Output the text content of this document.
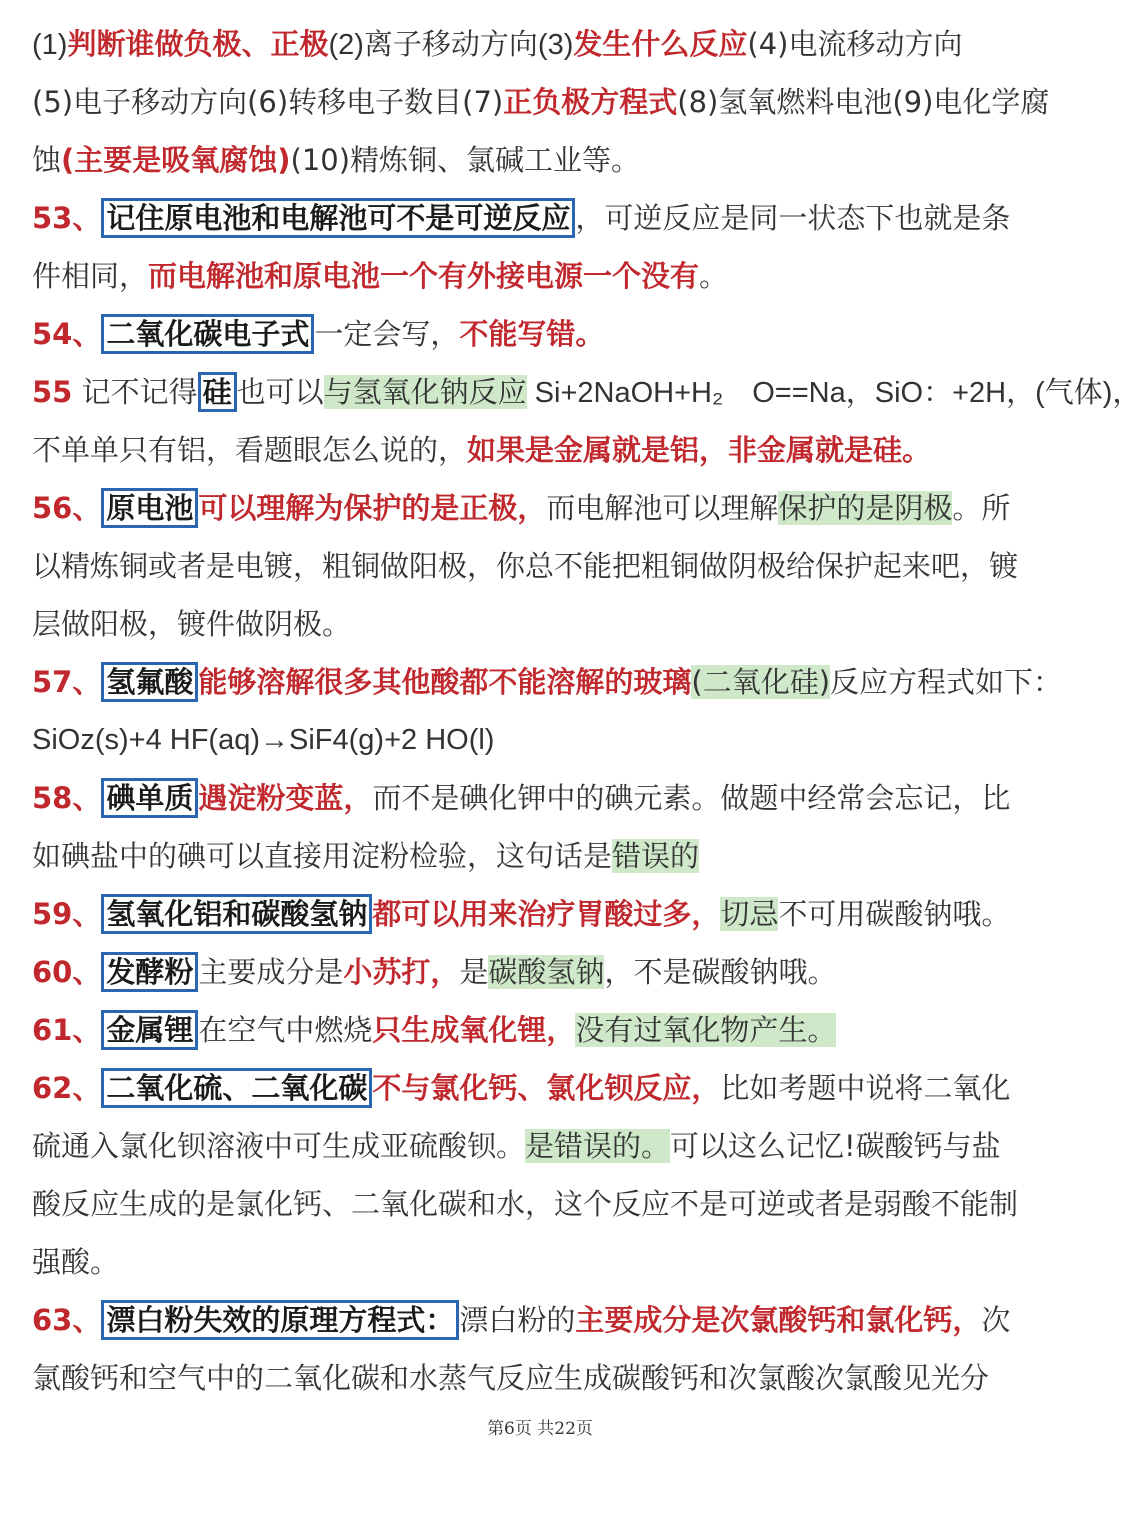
(1)判断谁做负极、正极(2)离子移动方向(3)发生什么反应(4)电流移动方向
(5)电子移动方向(6)转移电子数目(7)正负极方程式(8)氢氧燃料电池(9)电化学腐
蚀(主要是吸氧腐蚀)(10)精炼铜、氯碱工业等。
53、 记住原电池和电解池可不是可逆反应 ，可逆反应是同一状态下也就是条
件相同，而电解池和原电池一个有外接电源一个没有。
54、 二氧化碳电子式 一定会写，不能写错。
55 记不记得 硅 也可以与氢氧化钠反应 Si+2NaOH+H₂　O==Na，SiO：+2H，(气体)，
不单单只有铝，看题眼怎么说的，如果是金属就是铝，非金属就是硅。
56、 原电池 可以理解为保护的是正极，而电解池可以理解保护的是阴极。所
以精炼铜或者是电镀，粗铜做阳极，你总不能把粗铜做阴极给保护起来吧，镀
层做阳极，镀件做阴极。
57、 氢氟酸 能够溶解很多其他酸都不能溶解的玻璃(二氧化硅)反应方程式如下：
SiOz(s)+4 HF(aq)→SiF4(g)+2 HO(l)
58、 碘单质 遇淀粉变蓝，而不是碘化钾中的碘元素。做题中经常会忘记，比
如碘盐中的碘可以直接用淀粉检验，这句话是错误的
59、 氢氧化铝和碳酸氢钠 都可以用来治疗胃酸过多，切忌不可用碳酸钠哦。
60、 发酵粉 主要成分是小苏打，是碳酸氢钠，不是碳酸钠哦。
61、 金属锂 在空气中燃烧只生成氧化锂，没有过氧化物产生。
62、 二氧化硫、二氧化碳 不与氯化钙、氯化钡反应，比如考题中说将二氧化
硫通入氯化钡溶液中可生成亚硫酸钡。是错误的。可以这么记忆!碳酸钙与盐
酸反应生成的是氯化钙、二氧化碳和水，这个反应不是可逆或者是弱酸不能制
强酸。
63、 漂白粉失效的原理方程式： 漂白粉的主要成分是次氯酸钙和氯化钙，次
氯酸钙和空气中的二氧化碳和水蒸气反应生成碳酸钙和次氯酸次氯酸见光分
第6页 共22页
